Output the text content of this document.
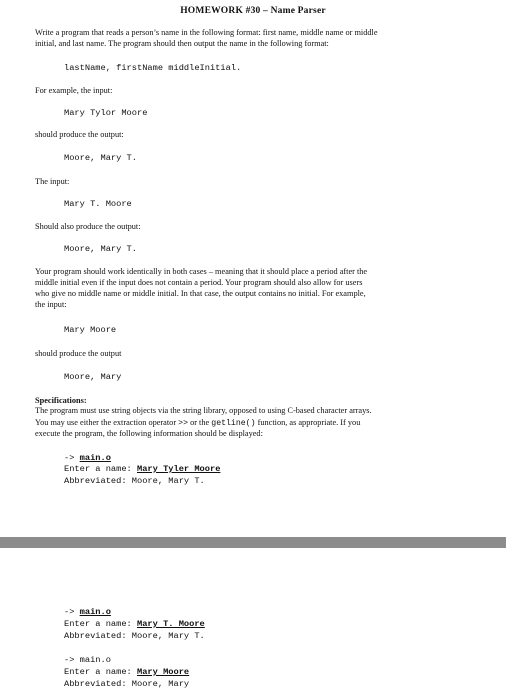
HOMEWORK #30 – Name Parser
Write a program that reads a person’s name in the following format: first name, middle name or middle
initial, and last name. The program should then output the name in the following format:
lastName, firstName middleInitial.
For example, the input:
Mary Tylor Moore
should produce the output:
Moore, Mary T.
The input:
Mary T. Moore
Should also produce the output:
Moore, Mary T.
Your program should work identically in both cases – meaning that it should place a period after the
middle initial even if the input does not contain a period. Your program should also allow for users
who give no middle name or middle initial. In that case, the output contains no initial. For example,
the input:
Mary Moore
should produce the output
Moore, Mary
Specifications:
The program must use string objects via the string library, opposed to using C-based character arrays.
You may use either the extraction operator >> or the getline() function, as appropriate. If you
execute the program, the following information should be displayed:
-> main.o
Enter a name: Mary Tyler Moore
Abbreviated: Moore, Mary T.
-> main.o
Enter a name: Mary T. Moore
Abbreviated: Moore, Mary T.
-> main.o
Enter a name: Mary Moore
Abbreviated: Moore, Mary
